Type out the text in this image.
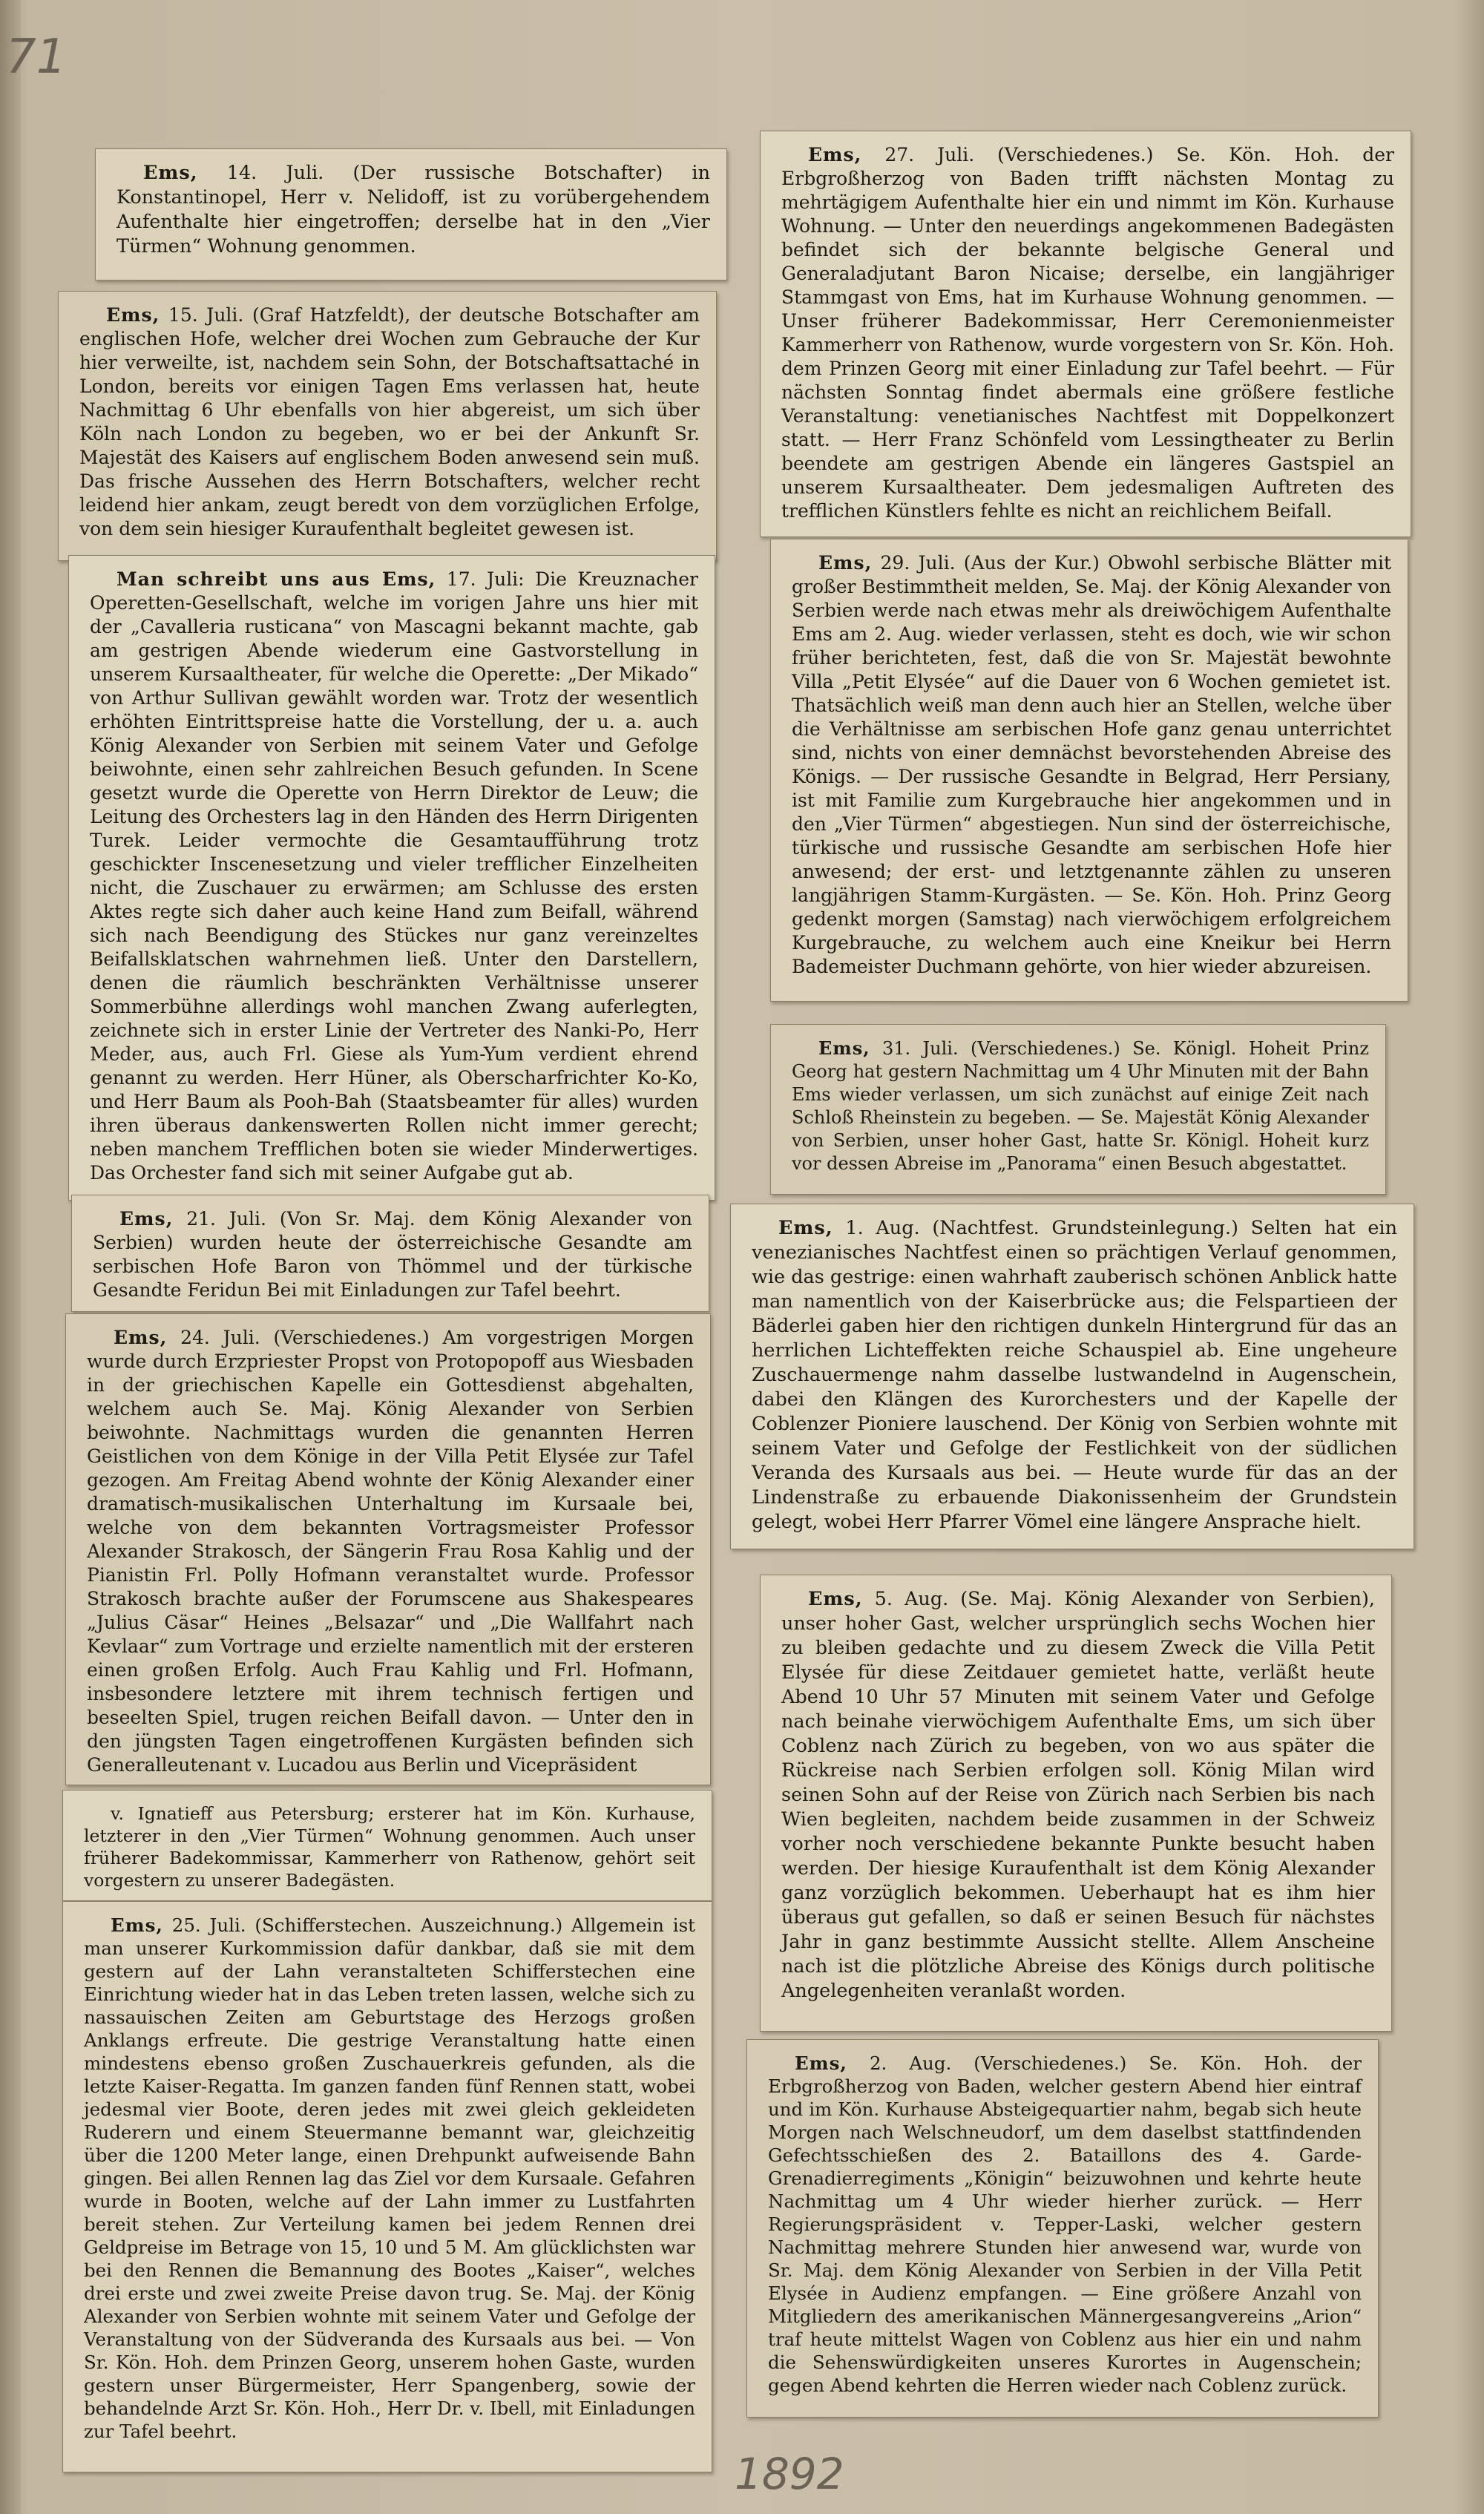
71
1892

Ems, 14. Juli. (Der russische Botschafter) in Konstantinopel, Herr v. Nelidoff, ist zu vorübergehendem Aufenthalte hier eingetroffen; derselbe hat in den „Vier Türmen“ Wohnung genommen.

Ems, 15. Juli. (Graf Hatzfeldt), der deutsche Botschafter am englischen Hofe, welcher drei Wochen zum Gebrauche der Kur hier verweilte, ist, nachdem sein Sohn, der Botschaftsattaché in London, bereits vor einigen Tagen Ems verlassen hat, heute Nachmittag 6 Uhr ebenfalls von hier abgereist, um sich über Köln nach London zu begeben, wo er bei der Ankunft Sr. Majestät des Kaisers auf englischem Boden anwesend sein muß. Das frische Aussehen des Herrn Botschafters, welcher recht leidend hier ankam, zeugt beredt von dem vorzüglichen Erfolge, von dem sein hiesiger Kuraufenthalt begleitet gewesen ist.

Man schreibt uns aus Ems, 17. Juli: Die Kreuznacher Operetten-Gesellschaft, welche im vorigen Jahre uns hier mit der „Cavalleria rusticana“ von Mascagni bekannt machte, gab am gestrigen Abende wiederum eine Gastvorstellung in unserem Kursaaltheater, für welche die Operette: „Der Mikado“ von Arthur Sullivan gewählt worden war. Trotz der wesentlich erhöhten Eintrittspreise hatte die Vorstellung, der u. a. auch König Alexander von Serbien mit seinem Vater und Gefolge beiwohnte, einen sehr zahlreichen Besuch gefunden. In Scene gesetzt wurde die Operette von Herrn Direktor de Leuw; die Leitung des Orchesters lag in den Händen des Herrn Dirigenten Turek. Leider vermochte die Gesamtaufführung trotz geschickter Inscenesetzung und vieler trefflicher Einzelheiten nicht, die Zuschauer zu erwärmen; am Schlusse des ersten Aktes regte sich daher auch keine Hand zum Beifall, während sich nach Beendigung des Stückes nur ganz vereinzeltes Beifallsklatschen wahrnehmen ließ. Unter den Darstellern, denen die räumlich beschränkten Verhältnisse unserer Sommerbühne allerdings wohl manchen Zwang auferlegten, zeichnete sich in erster Linie der Vertreter des Nanki-Po, Herr Meder, aus, auch Frl. Giese als Yum-Yum verdient ehrend genannt zu werden. Herr Hüner, als Oberscharfrichter Ko-Ko, und Herr Baum als Pooh-Bah (Staatsbeamter für alles) wurden ihren überaus dankenswerten Rollen nicht immer gerecht; neben manchem Trefflichen boten sie wieder Minderwertiges. Das Orchester fand sich mit seiner Aufgabe gut ab.

Ems, 21. Juli. (Von Sr. Maj. dem König Alexander von Serbien) wurden heute der österreichische Gesandte am serbischen Hofe Baron von Thömmel und der türkische Gesandte Feridun Bei mit Einladungen zur Tafel beehrt.

Ems, 24. Juli. (Verschiedenes.) Am vorgestrigen Morgen wurde durch Erzpriester Propst von Protopopoff aus Wiesbaden in der griechischen Kapelle ein Gottesdienst abgehalten, welchem auch Se. Maj. König Alexander von Serbien beiwohnte. Nachmittags wurden die genannten Herren Geistlichen von dem Könige in der Villa Petit Elysée zur Tafel gezogen. Am Freitag Abend wohnte der König Alexander einer dramatisch-musikalischen Unterhaltung im Kursaale bei, welche von dem bekannten Vortragsmeister Professor Alexander Strakosch, der Sängerin Frau Rosa Kahlig und der Pianistin Frl. Polly Hofmann veranstaltet wurde. Professor Strakosch brachte außer der Forumscene aus Shakespeares „Julius Cäsar“ Heines „Belsazar“ und „Die Wallfahrt nach Kevlaar“ zum Vortrage und erzielte namentlich mit der ersteren einen großen Erfolg. Auch Frau Kahlig und Frl. Hofmann, insbesondere letztere mit ihrem technisch fertigen und beseelten Spiel, trugen reichen Beifall davon. — Unter den in den jüngsten Tagen eingetroffenen Kurgästen befinden sich Generalleutenant v. Lucadou aus Berlin und Vicepräsident

v. Ignatieff aus Petersburg; ersterer hat im Kön. Kurhause, letzterer in den „Vier Türmen“ Wohnung genommen. Auch unser früherer Badekommissar, Kammerherr von Rathenow, gehört seit vorgestern zu unserer Badegästen.

Ems, 25. Juli. (Schifferstechen. Auszeichnung.) Allgemein ist man unserer Kurkommission dafür dankbar, daß sie mit dem gestern auf der Lahn veranstalteten Schifferstechen eine Einrichtung wieder hat in das Leben treten lassen, welche sich zu nassauischen Zeiten am Geburtstage des Herzogs großen Anklangs erfreute. Die gestrige Veranstaltung hatte einen mindestens ebenso großen Zuschauerkreis gefunden, als die letzte Kaiser-Regatta. Im ganzen fanden fünf Rennen statt, wobei jedesmal vier Boote, deren jedes mit zwei gleich gekleideten Ruderern und einem Steuermanne bemannt war, gleichzeitig über die 1200 Meter lange, einen Drehpunkt aufweisende Bahn gingen. Bei allen Rennen lag das Ziel vor dem Kursaale. Gefahren wurde in Booten, welche auf der Lahn immer zu Lustfahrten bereit stehen. Zur Verteilung kamen bei jedem Rennen drei Geldpreise im Betrage von 15, 10 und 5 M. Am glücklichsten war bei den Rennen die Bemannung des Bootes „Kaiser“, welches drei erste und zwei zweite Preise davon trug. Se. Maj. der König Alexander von Serbien wohnte mit seinem Vater und Gefolge der Veranstaltung von der Südveranda des Kursaals aus bei. — Von Sr. Kön. Hoh. dem Prinzen Georg, unserem hohen Gaste, wurden gestern unser Bürgermeister, Herr Spangenberg, sowie der behandelnde Arzt Sr. Kön. Hoh., Herr Dr. v. Ibell, mit Einladungen zur Tafel beehrt.

Ems, 27. Juli. (Verschiedenes.) Se. Kön. Hoh. der Erbgroßherzog von Baden trifft nächsten Montag zu mehrtägigem Aufenthalte hier ein und nimmt im Kön. Kurhause Wohnung. — Unter den neuerdings angekommenen Badegästen befindet sich der bekannte belgische General und Generaladjutant Baron Nicaise; derselbe, ein langjähriger Stammgast von Ems, hat im Kurhause Wohnung genommen. — Unser früherer Badekommissar, Herr Ceremonienmeister Kammerherr von Rathenow, wurde vorgestern von Sr. Kön. Hoh. dem Prinzen Georg mit einer Einladung zur Tafel beehrt. — Für nächsten Sonntag findet abermals eine größere festliche Veranstaltung: venetianisches Nachtfest mit Doppelkonzert statt. — Herr Franz Schönfeld vom Lessingtheater zu Berlin beendete am gestrigen Abende ein längeres Gastspiel an unserem Kursaaltheater. Dem jedesmaligen Auftreten des trefflichen Künstlers fehlte es nicht an reichlichem Beifall.

Ems, 29. Juli. (Aus der Kur.) Obwohl serbische Blätter mit großer Bestimmtheit melden, Se. Maj. der König Alexander von Serbien werde nach etwas mehr als dreiwöchigem Aufenthalte Ems am 2. Aug. wieder verlassen, steht es doch, wie wir schon früher berichteten, fest, daß die von Sr. Majestät bewohnte Villa „Petit Elysée“ auf die Dauer von 6 Wochen gemietet ist. Thatsächlich weiß man denn auch hier an Stellen, welche über die Verhältnisse am serbischen Hofe ganz genau unterrichtet sind, nichts von einer demnächst bevorstehenden Abreise des Königs. — Der russische Gesandte in Belgrad, Herr Persiany, ist mit Familie zum Kurgebrauche hier angekommen und in den „Vier Türmen“ abgestiegen. Nun sind der österreichische, türkische und russische Gesandte am serbischen Hofe hier anwesend; der erst- und letztgenannte zählen zu unseren langjährigen Stamm-Kurgästen. — Se. Kön. Hoh. Prinz Georg gedenkt morgen (Samstag) nach vierwöchigem erfolgreichem Kurgebrauche, zu welchem auch eine Kneikur bei Herrn Bademeister Duchmann gehörte, von hier wieder abzureisen.

Ems, 31. Juli. (Verschiedenes.) Se. Königl. Hoheit Prinz Georg hat gestern Nachmittag um 4 Uhr Minuten mit der Bahn Ems wieder verlassen, um sich zunächst auf einige Zeit nach Schloß Rheinstein zu begeben. — Se. Majestät König Alexander von Serbien, unser hoher Gast, hatte Sr. Königl. Hoheit kurz vor dessen Abreise im „Panorama“ einen Besuch abgestattet.

Ems, 1. Aug. (Nachtfest. Grundsteinlegung.) Selten hat ein venezianisches Nachtfest einen so prächtigen Verlauf genommen, wie das gestrige: einen wahrhaft zauberisch schönen Anblick hatte man namentlich von der Kaiserbrücke aus; die Felspartieen der Bäderlei gaben hier den richtigen dunkeln Hintergrund für das an herrlichen Lichteffekten reiche Schauspiel ab. Eine ungeheure Zuschauermenge nahm dasselbe lustwandelnd in Augenschein, dabei den Klängen des Kurorchesters und der Kapelle der Coblenzer Pioniere lauschend. Der König von Serbien wohnte mit seinem Vater und Gefolge der Festlichkeit von der südlichen Veranda des Kursaals aus bei. — Heute wurde für das an der Lindenstraße zu erbauende Diakonissenheim der Grundstein gelegt, wobei Herr Pfarrer Vömel eine längere Ansprache hielt.

Ems, 5. Aug. (Se. Maj. König Alexander von Serbien), unser hoher Gast, welcher ursprünglich sechs Wochen hier zu bleiben gedachte und zu diesem Zweck die Villa Petit Elysée für diese Zeitdauer gemietet hatte, verläßt heute Abend 10 Uhr 57 Minuten mit seinem Vater und Gefolge nach beinahe vierwöchigem Aufenthalte Ems, um sich über Coblenz nach Zürich zu begeben, von wo aus später die Rückreise nach Serbien erfolgen soll. König Milan wird seinen Sohn auf der Reise von Zürich nach Serbien bis nach Wien begleiten, nachdem beide zusammen in der Schweiz vorher noch verschiedene bekannte Punkte besucht haben werden. Der hiesige Kuraufenthalt ist dem König Alexander ganz vorzüglich bekommen. Ueberhaupt hat es ihm hier überaus gut gefallen, so daß er seinen Besuch für nächstes Jahr in ganz bestimmte Aussicht stellte. Allem Anscheine nach ist die plötzliche Abreise des Königs durch politische Angelegenheiten veranlaßt worden.

Ems, 2. Aug. (Verschiedenes.) Se. Kön. Hoh. der Erbgroßherzog von Baden, welcher gestern Abend hier eintraf und im Kön. Kurhause Absteigequartier nahm, begab sich heute Morgen nach Welschneudorf, um dem daselbst stattfindenden Gefechtsschießen des 2. Bataillons des 4. Garde-Grenadierregiments „Königin“ beizuwohnen und kehrte heute Nachmittag um 4 Uhr wieder hierher zurück. — Herr Regierungspräsident v. Tepper-Laski, welcher gestern Nachmittag mehrere Stunden hier anwesend war, wurde von Sr. Maj. dem König Alexander von Serbien in der Villa Petit Elysée in Audienz empfangen. — Eine größere Anzahl von Mitgliedern des amerikanischen Männergesangvereins „Arion“ traf heute mittelst Wagen von Coblenz aus hier ein und nahm die Sehenswürdigkeiten unseres Kurortes in Augenschein; gegen Abend kehrten die Herren wieder nach Coblenz zurück.
